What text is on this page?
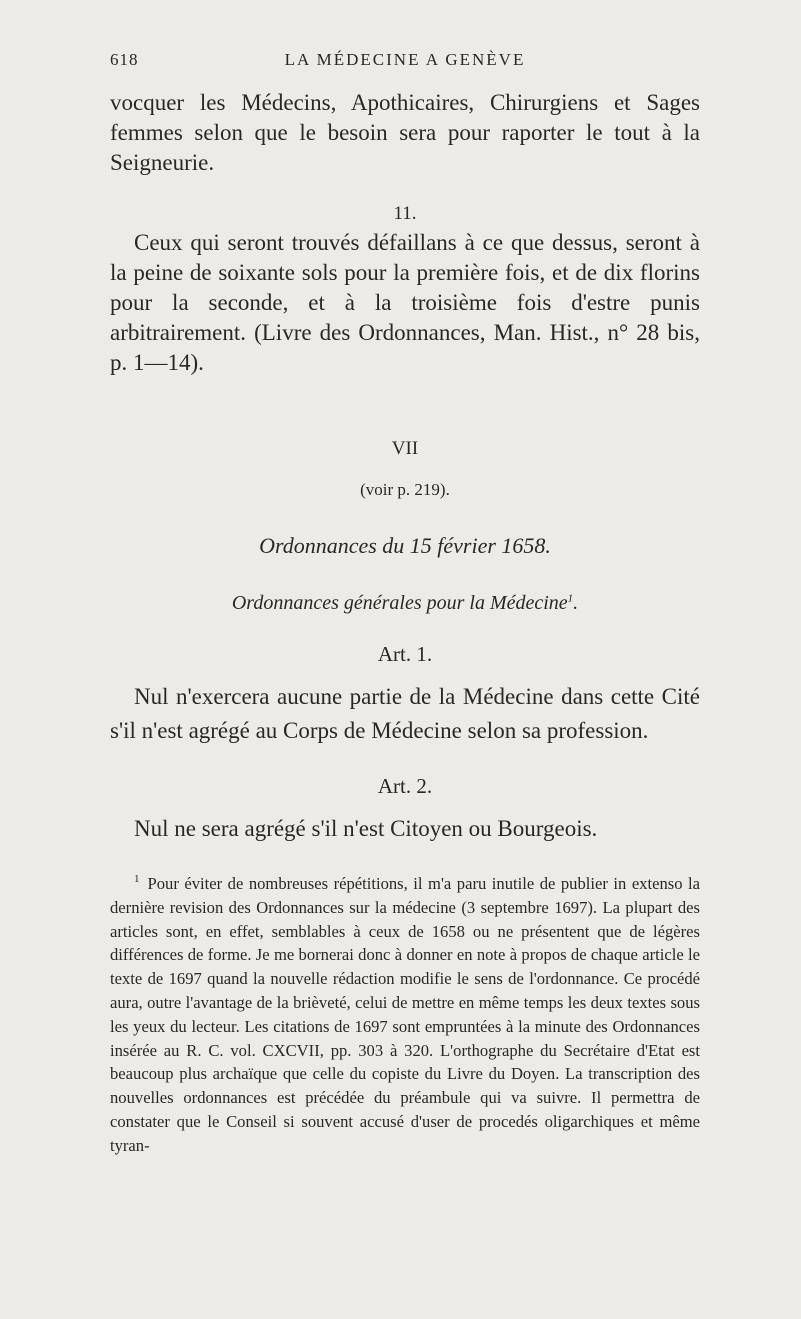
618	LA MÉDECINE A GENÈVE

vocquer les Médecins, Apothicaires, Chirurgiens et Sages femmes selon que le besoin sera pour raporter le tout à la Seigneurie.

11.

Ceux qui seront trouvés défaillans à ce que dessus, seront à la peine de soixante sols pour la première fois, et de dix florins pour la seconde, et à la troisième fois d'estre punis arbitrairement. (Livre des Ordonnances, Man. Hist., n° 28 bis, p. 1—14).

VII

(voir p. 219).

Ordonnances du 15 février 1658.

Ordonnances générales pour la Médecine$^1$.

Art. 1.

Nul n'exercera aucune partie de la Médecine dans cette Cité s'il n'est agrégé au Corps de Médecine selon sa profession.

Art. 2.

Nul ne sera agrégé s'il n'est Citoyen ou Bourgeois.

$^1$ Pour éviter de nombreuses répétitions, il m'a paru inutile de publier in extenso la dernière revision des Ordonnances sur la médecine (3 septembre 1697). La plupart des articles sont, en effet, semblables à ceux de 1658 ou ne présentent que de légères différences de forme. Je me bornerai donc à donner en note à propos de chaque article le texte de 1697 quand la nouvelle rédaction modifie le sens de l'ordonnance. Ce procédé aura, outre l'avantage de la brièveté, celui de mettre en même temps les deux textes sous les yeux du lecteur. Les citations de 1697 sont empruntées à la minute des Ordonnances insérée au R. C. vol. CXCVII, pp. 303 à 320. L'orthographe du Secrétaire d'Etat est beaucoup plus archaïque que celle du copiste du Livre du Doyen. La transcription des nouvelles ordonnances est précédée du préambule qui va suivre. Il permettra de constater que le Conseil si souvent accusé d'user de procedés oligarchiques et même tyran-
